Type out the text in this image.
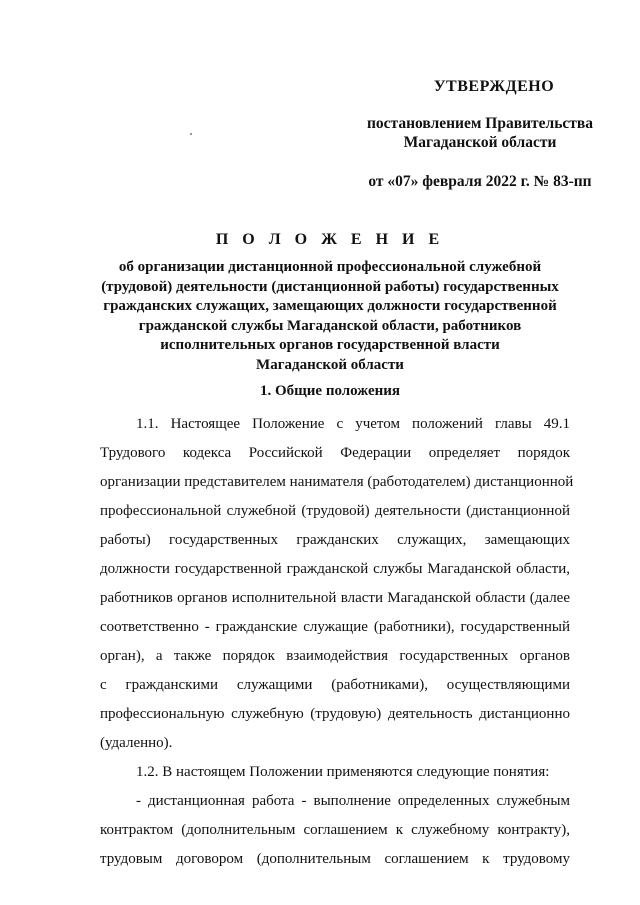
УТВЕРЖДЕНО
постановлением Правительства
Магаданской области
от «07» февраля 2022 г. № 83-пп
П О Л О Ж Е Н И Е
об организации дистанционной профессиональной служебной
(трудовой) деятельности (дистанционной работы) государственных
гражданских служащих, замещающих должности государственной
гражданской службы Магаданской области, работников
исполнительных органов государственной власти
Магаданской области
1. Общие положения
1.1. Настоящее Положение с учетом положений главы 49.1
Трудового кодекса Российской Федерации определяет порядок
организации представителем нанимателя (работодателем) дистанционной
профессиональной служебной (трудовой) деятельности (дистанционной
работы) государственных гражданских служащих, замещающих
должности государственной гражданской службы Магаданской области,
работников органов исполнительной власти Магаданской области (далее
соответственно - гражданские служащие (работники), государственный
орган), а также порядок взаимодействия государственных органов
с гражданскими служащими (работниками), осуществляющими
профессиональную служебную (трудовую) деятельность дистанционно
(удаленно).
1.2. В настоящем Положении применяются следующие понятия:
- дистанционная работа - выполнение определенных служебным
контрактом (дополнительным соглашением к служебному контракту),
трудовым договором (дополнительным соглашением к трудовому
